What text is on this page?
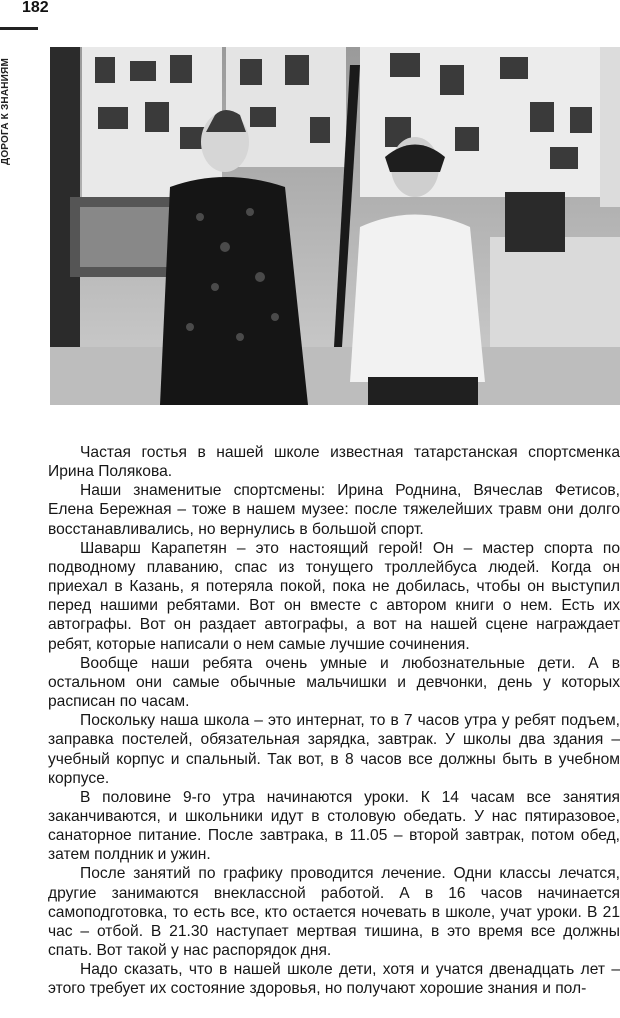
182
ДОРОГА К ЗНАНИЯМ

Частая гостья в нашей школе известная татарстанская спортсменка Ирина Полякова.

Наши знаменитые спортсмены: Ирина Роднина, Вячеслав Фетисов, Елена Бережная – тоже в нашем музее: после тяжелейших травм они долго восстанавливались, но вернулись в большой спорт.

Шаварш Карапетян – это настоящий герой! Он – мастер спорта по подводному плаванию, спас из тонущего троллейбуса людей. Когда он приехал в Казань, я потеряла покой, пока не добилась, чтобы он выступил перед нашими ребятами. Вот он вместе с автором книги о нем. Есть их автографы. Вот он раздает автографы, а вот на нашей сцене награждает ребят, которые написали о нем самые лучшие сочинения.

Вообще наши ребята очень умные и любознательные дети. А в остальном они самые обычные мальчишки и девчонки, день у которых расписан по часам.

Поскольку наша школа – это интернат, то в 7 часов утра у ребят подъем, заправка постелей, обязательная зарядка, завтрак. У школы два здания – учебный корпус и спальный. Так вот, в 8 часов все должны быть в учебном корпусе.

В половине 9-го утра начинаются уроки. К 14 часам все занятия заканчиваются, и школьники идут в столовую обедать. У нас пятиразовое, санаторное питание. После завтрака, в 11.05 – второй завтрак, потом обед, затем полдник и ужин.

После занятий по графику проводится лечение. Одни классы лечатся, другие занимаются внеклассной работой. А в 16 часов начинается самоподготовка, то есть все, кто остается ночевать в школе, учат уроки. В 21 час – отбой. В 21.30 наступает мертвая тишина, в это время все должны спать. Вот такой у нас распорядок дня.

Надо сказать, что в нашей школе дети, хотя и учатся двенадцать лет – этого требует их состояние здоровья, но получают хорошие знания и пол-
